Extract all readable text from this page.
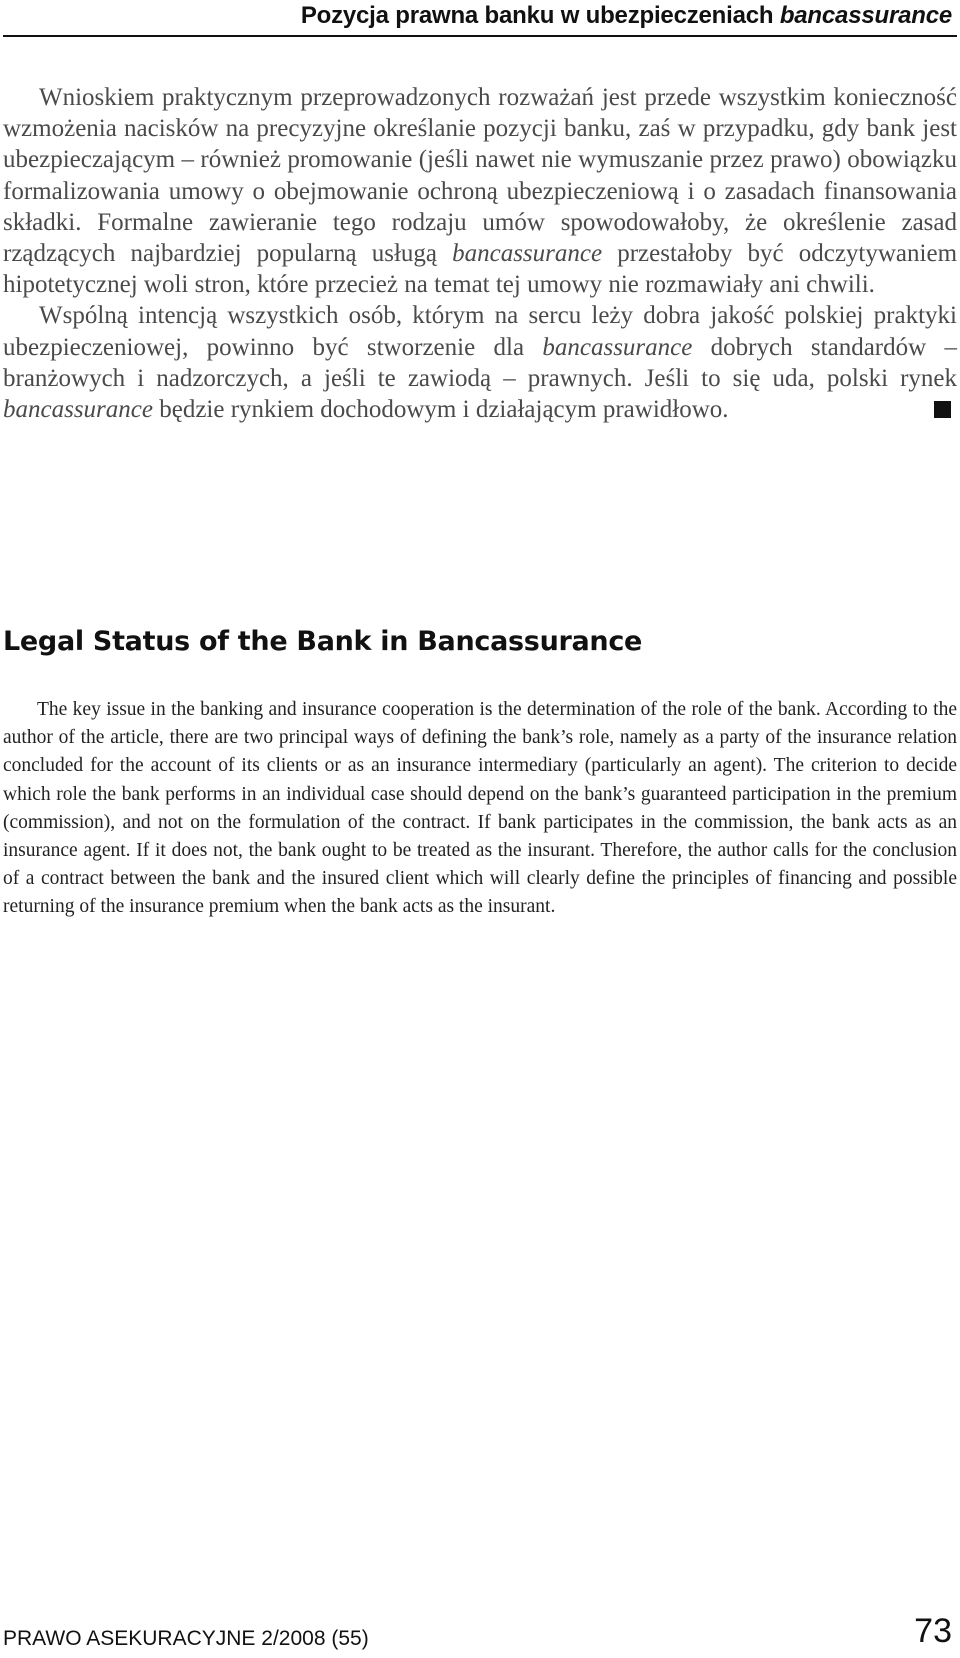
Pozycja prawna banku w ubezpieczeniach bancassurance

Wnioskiem praktycznym przeprowadzonych rozważań jest przede wszystkim konieczność wzmożenia nacisków na precyzyjne określanie pozycji banku, zaś w przypadku, gdy bank jest ubezpieczającym – również promowanie (jeśli nawet nie wymuszanie przez prawo) obowiązku formalizowania umowy o obejmowanie ochroną ubezpieczeniową i o zasadach finansowania składki. Formalne zawieranie tego rodzaju umów spowodowałoby, że określenie zasad rządzących najbardziej popularną usługą bancassurance przestałoby być odczytywaniem hipotetycznej woli stron, które przecież na temat tej umowy nie rozmawiały ani chwili.

Wspólną intencją wszystkich osób, którym na sercu leży dobra jakość polskiej praktyki ubezpieczeniowej, powinno być stworzenie dla bancassurance dobrych standardów – branżowych i nadzorczych, a jeśli te zawiodą – prawnych. Jeśli to się uda, polski rynek bancassurance będzie rynkiem dochodowym i działającym prawidłowo.

Legal Status of the Bank in Bancassurance

The key issue in the banking and insurance cooperation is the determination of the role of the bank. According to the author of the article, there are two principal ways of defining the bank’s role, namely as a party of the insurance relation concluded for the account of its clients or as an insurance intermediary (particularly an agent). The criterion to decide which role the bank performs in an individual case should depend on the bank’s guaranteed participation in the premium (commission), and not on the formulation of the contract. If bank participates in the commission, the bank acts as an insurance agent. If it does not, the bank ought to be treated as the insurant. Therefore, the author calls for the conclusion of a contract between the bank and the insured client which will clearly define the principles of financing and possible returning of the insurance premium when the bank acts as the insurant.

PRAWO ASEKURACYJNE 2/2008 (55)	73
